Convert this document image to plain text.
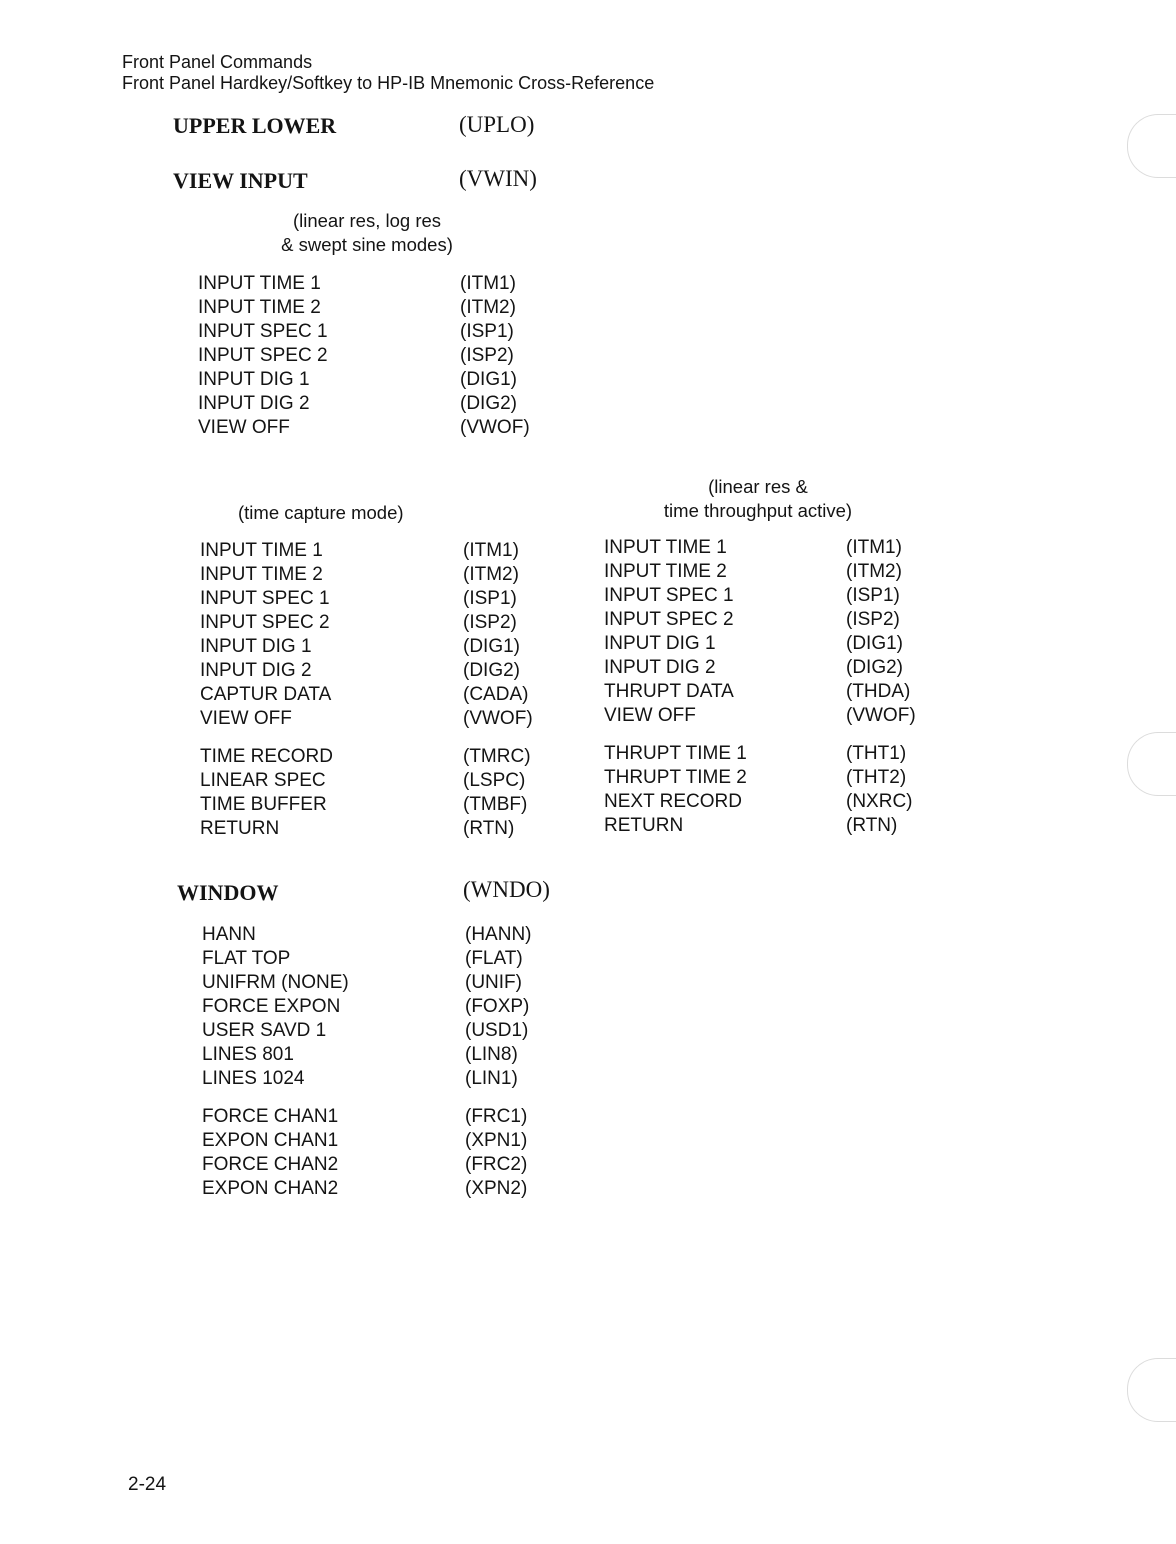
Front Panel Commands
Front Panel Hardkey/Softkey to HP-IB Mnemonic Cross-Reference
UPPER LOWER	(UPLO)
VIEW INPUT	(VWIN)
(linear res, log res
& swept sine modes)
INPUT TIME 1	(ITM1)
INPUT TIME 2	(ITM2)
INPUT SPEC 1	(ISP1)
INPUT SPEC 2	(ISP2)
INPUT DIG 1	(DIG1)
INPUT DIG 2	(DIG2)
VIEW OFF	(VWOF)
(time capture mode)
(linear res &
time throughput active)
INPUT TIME 1	(ITM1)
INPUT TIME 2	(ITM2)
INPUT SPEC 1	(ISP1)
INPUT SPEC 2	(ISP2)
INPUT DIG 1	(DIG1)
INPUT DIG 2	(DIG2)
CAPTUR DATA	(CADA)
VIEW OFF	(VWOF)
TIME RECORD	(TMRC)
LINEAR SPEC	(LSPC)
TIME BUFFER	(TMBF)
RETURN	(RTN)
INPUT TIME 1	(ITM1)
INPUT TIME 2	(ITM2)
INPUT SPEC 1	(ISP1)
INPUT SPEC 2	(ISP2)
INPUT DIG 1	(DIG1)
INPUT DIG 2	(DIG2)
THRUPT DATA	(THDA)
VIEW OFF	(VWOF)
THRUPT TIME 1	(THT1)
THRUPT TIME 2	(THT2)
NEXT RECORD	(NXRC)
RETURN	(RTN)
WINDOW	(WNDO)
HANN	(HANN)
FLAT TOP	(FLAT)
UNIFRM (NONE)	(UNIF)
FORCE EXPON	(FOXP)
USER SAVD 1	(USD1)
LINES 801	(LIN8)
LINES 1024	(LIN1)
FORCE CHAN1	(FRC1)
EXPON CHAN1	(XPN1)
FORCE CHAN2	(FRC2)
EXPON CHAN2	(XPN2)
2-24
